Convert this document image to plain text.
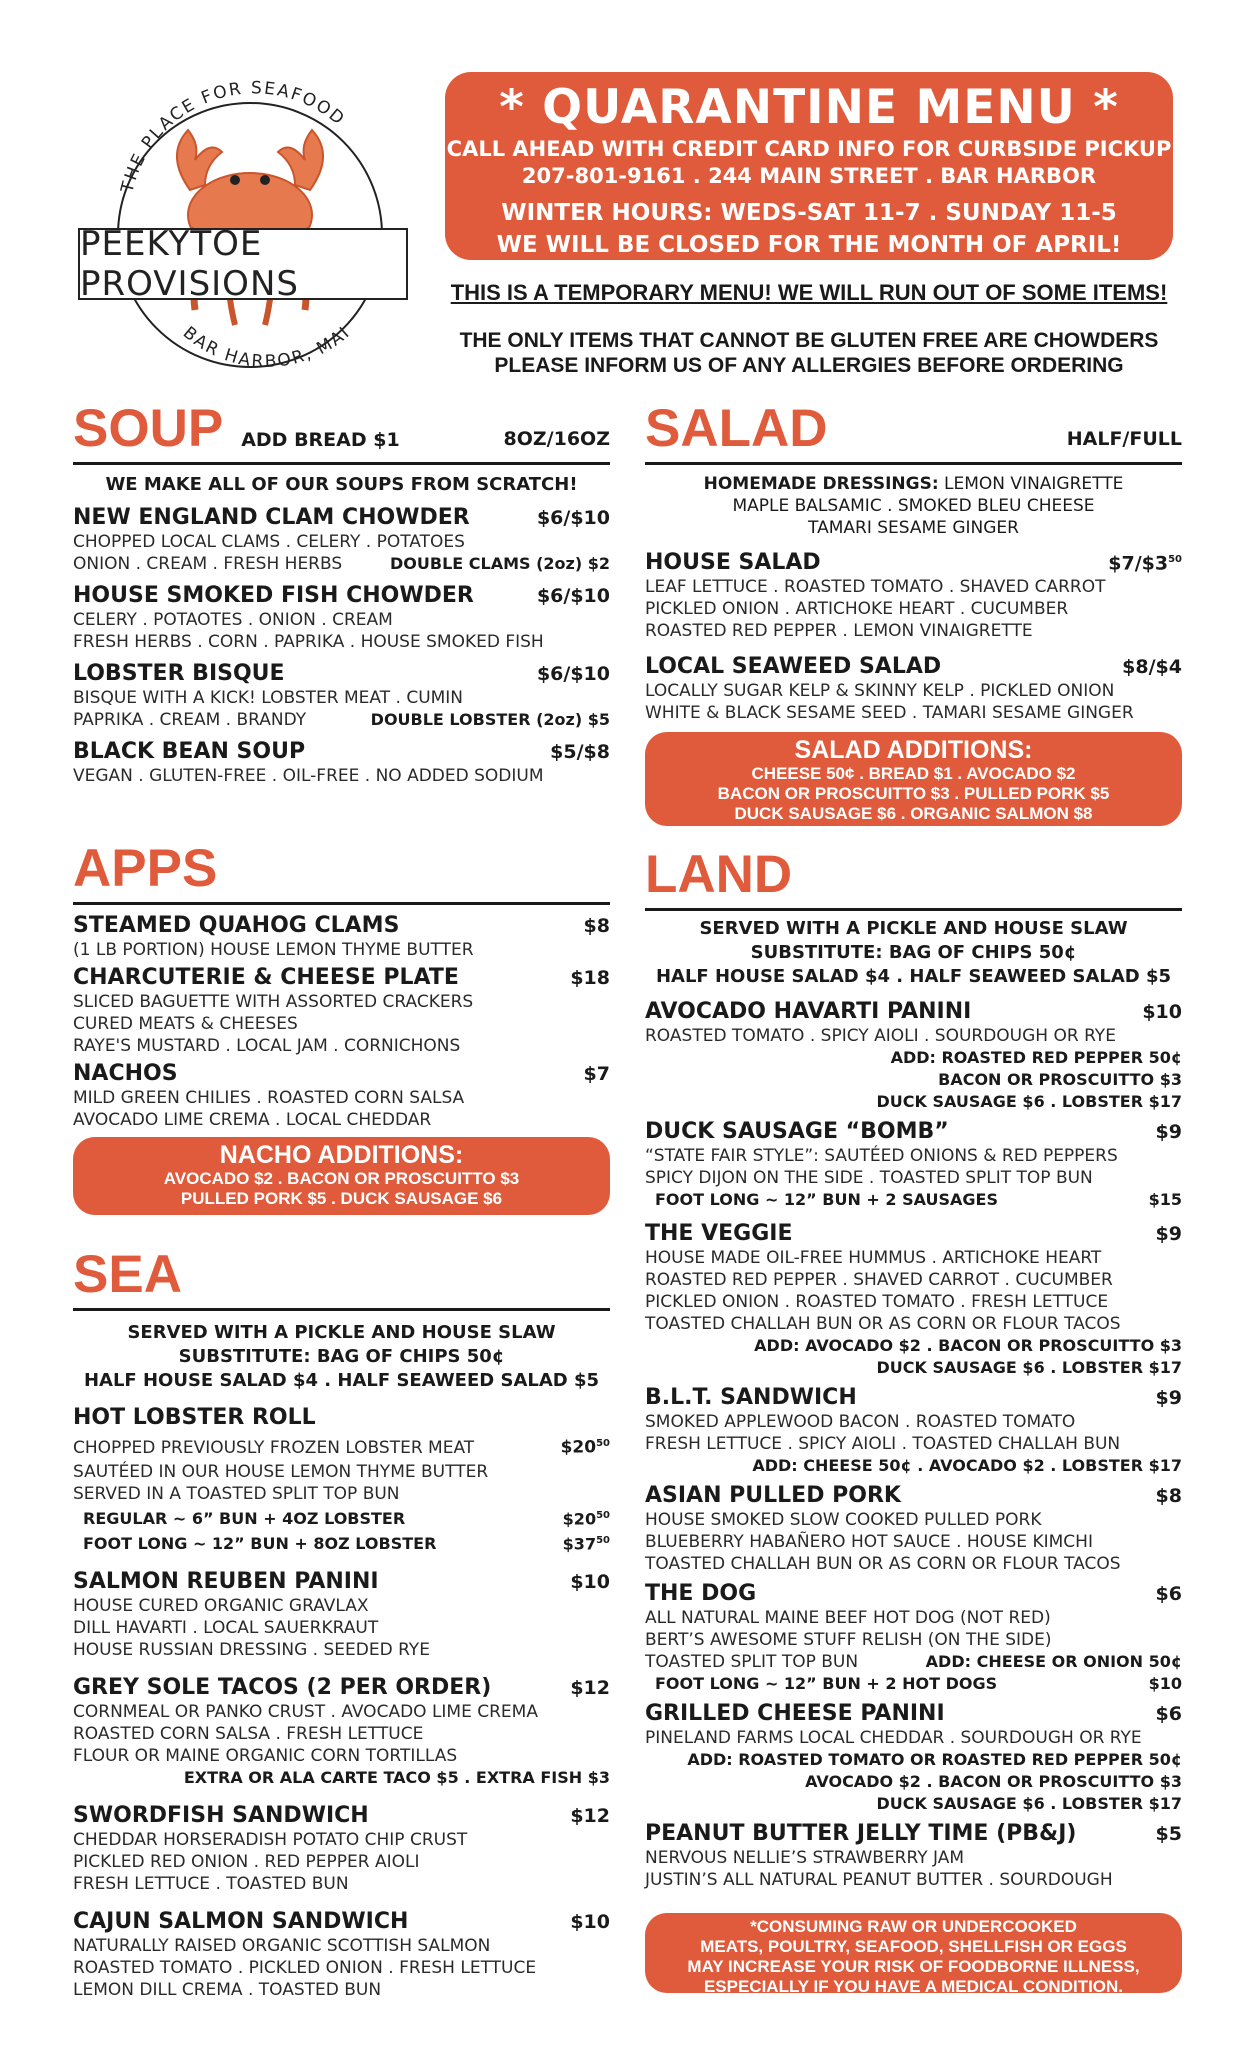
THE PLACE FOR SEAFOOD
BAR HARBOR, MAI
PEEKYTOE PROVISIONS
* QUARANTINE MENU *
CALL AHEAD WITH CREDIT CARD INFO FOR CURBSIDE PICKUP
207-801-9161 . 244 MAIN STREET . BAR HARBOR
WINTER HOURS: WEDS-SAT 11-7 . SUNDAY 11-5
WE WILL BE CLOSED FOR THE MONTH OF APRIL!
THIS IS A TEMPORARY MENU! WE WILL RUN OUT OF SOME ITEMS!
THE ONLY ITEMS THAT CANNOT BE GLUTEN FREE ARE CHOWDERS
PLEASE INFORM US OF ANY ALLERGIES BEFORE ORDERING
SOUP ADD BREAD $1	8OZ/16OZ
WE MAKE ALL OF OUR SOUPS FROM SCRATCH!
NEW ENGLAND CLAM CHOWDER	$6/$10
CHOPPED LOCAL CLAMS . CELERY . POTATOES
ONION . CREAM . FRESH HERBS	DOUBLE CLAMS (2oz) $2
HOUSE SMOKED FISH CHOWDER	$6/$10
CELERY . POTAOTES . ONION . CREAM
FRESH HERBS . CORN . PAPRIKA . HOUSE SMOKED FISH
LOBSTER BISQUE	$6/$10
BISQUE WITH A KICK! LOBSTER MEAT . CUMIN
PAPRIKA . CREAM . BRANDY	DOUBLE LOBSTER (2oz) $5
BLACK BEAN SOUP	$5/$8
VEGAN . GLUTEN-FREE . OIL-FREE . NO ADDED SODIUM
SALAD	HALF/FULL
HOMEMADE DRESSINGS: LEMON VINAIGRETTE
MAPLE BALSAMIC . SMOKED BLEU CHEESE
TAMARI SESAME GINGER
HOUSE SALAD	$\$7/\$3^{50}$
LEAF LETTUCE . ROASTED TOMATO . SHAVED CARROT
PICKLED ONION . ARTICHOKE HEART . CUCUMBER
ROASTED RED PEPPER . LEMON VINAIGRETTE
LOCAL SEAWEED SALAD	$8/$4
LOCALLY SUGAR KELP & SKINNY KELP . PICKLED ONION
WHITE & BLACK SESAME SEED . TAMARI SESAME GINGER
SALAD ADDITIONS:
CHEESE 50¢ . BREAD $1 . AVOCADO $2
BACON OR PROSCUITTO $3 . PULLED PORK $5
DUCK SAUSAGE $6 . ORGANIC SALMON $8
APPS
STEAMED QUAHOG CLAMS	$8
(1 LB PORTION) HOUSE LEMON THYME BUTTER
CHARCUTERIE & CHEESE PLATE	$18
SLICED BAGUETTE WITH ASSORTED CRACKERS
CURED MEATS & CHEESES
RAYE'S MUSTARD . LOCAL JAM . CORNICHONS
NACHOS	$7
MILD GREEN CHILIES . ROASTED CORN SALSA
AVOCADO LIME CREMA . LOCAL CHEDDAR
NACHO ADDITIONS:
AVOCADO $2 . BACON OR PROSCUITTO $3
PULLED PORK $5 . DUCK SAUSAGE $6
SEA
SERVED WITH A PICKLE AND HOUSE SLAW
SUBSTITUTE: BAG OF CHIPS 50¢
HALF HOUSE SALAD $4 . HALF SEAWEED SALAD $5
HOT LOBSTER ROLL
CHOPPED PREVIOUSLY FROZEN LOBSTER MEAT	$\$20^{50}$
SAUTÉED IN OUR HOUSE LEMON THYME BUTTER
SERVED IN A TOASTED SPLIT TOP BUN
REGULAR ~ 6” BUN + 4OZ LOBSTER	$\$20^{50}$
FOOT LONG ~ 12” BUN + 8OZ LOBSTER	$\$37^{50}$
SALMON REUBEN PANINI	$10
HOUSE CURED ORGANIC GRAVLAX
DILL HAVARTI . LOCAL SAUERKRAUT
HOUSE RUSSIAN DRESSING . SEEDED RYE
GREY SOLE TACOS (2 PER ORDER)	$12
CORNMEAL OR PANKO CRUST . AVOCADO LIME CREMA
ROASTED CORN SALSA . FRESH LETTUCE
FLOUR OR MAINE ORGANIC CORN TORTILLAS
EXTRA OR ALA CARTE TACO $5 . EXTRA FISH $3
SWORDFISH SANDWICH	$12
CHEDDAR HORSERADISH POTATO CHIP CRUST
PICKLED RED ONION . RED PEPPER AIOLI
FRESH LETTUCE . TOASTED BUN
CAJUN SALMON SANDWICH	$10
NATURALLY RAISED ORGANIC SCOTTISH SALMON
ROASTED TOMATO . PICKLED ONION . FRESH LETTUCE
LEMON DILL CREMA . TOASTED BUN
LAND
SERVED WITH A PICKLE AND HOUSE SLAW
SUBSTITUTE: BAG OF CHIPS 50¢
HALF HOUSE SALAD $4 . HALF SEAWEED SALAD $5
AVOCADO HAVARTI PANINI	$10
ROASTED TOMATO . SPICY AIOLI . SOURDOUGH OR RYE
ADD: ROASTED RED PEPPER 50¢
BACON OR PROSCUITTO $3
DUCK SAUSAGE $6 . LOBSTER $17
DUCK SAUSAGE “BOMB”	$9
“STATE FAIR STYLE”: SAUTÉED ONIONS & RED PEPPERS
SPICY DIJON ON THE SIDE . TOASTED SPLIT TOP BUN
FOOT LONG ~ 12” BUN + 2 SAUSAGES	$15
THE VEGGIE	$9
HOUSE MADE OIL-FREE HUMMUS . ARTICHOKE HEART
ROASTED RED PEPPER . SHAVED CARROT . CUCUMBER
PICKLED ONION . ROASTED TOMATO . FRESH LETTUCE
TOASTED CHALLAH BUN OR AS CORN OR FLOUR TACOS
ADD: AVOCADO $2 . BACON OR PROSCUITTO $3
DUCK SAUSAGE $6 . LOBSTER $17
B.L.T. SANDWICH	$9
SMOKED APPLEWOOD BACON . ROASTED TOMATO
FRESH LETTUCE . SPICY AIOLI . TOASTED CHALLAH BUN
ADD: CHEESE 50¢ . AVOCADO $2 . LOBSTER $17
ASIAN PULLED PORK	$8
HOUSE SMOKED SLOW COOKED PULLED PORK
BLUEBERRY HABAÑERO HOT SAUCE . HOUSE KIMCHI
TOASTED CHALLAH BUN OR AS CORN OR FLOUR TACOS
THE DOG	$6
ALL NATURAL MAINE BEEF HOT DOG (NOT RED)
BERT’S AWESOME STUFF RELISH (ON THE SIDE)
TOASTED SPLIT TOP BUN	ADD: CHEESE OR ONION 50¢
FOOT LONG ~ 12” BUN + 2 HOT DOGS	$10
GRILLED CHEESE PANINI	$6
PINELAND FARMS LOCAL CHEDDAR . SOURDOUGH OR RYE
ADD: ROASTED TOMATO OR ROASTED RED PEPPER 50¢
AVOCADO $2 . BACON OR PROSCUITTO $3
DUCK SAUSAGE $6 . LOBSTER $17
PEANUT BUTTER JELLY TIME (PB&J)	$5
NERVOUS NELLIE’S STRAWBERRY JAM
JUSTIN’S ALL NATURAL PEANUT BUTTER . SOURDOUGH
*CONSUMING RAW OR UNDERCOOKED
MEATS, POULTRY, SEAFOOD, SHELLFISH OR EGGS
MAY INCREASE YOUR RISK OF FOODBORNE ILLNESS,
ESPECIALLY IF YOU HAVE A MEDICAL CONDITION.
